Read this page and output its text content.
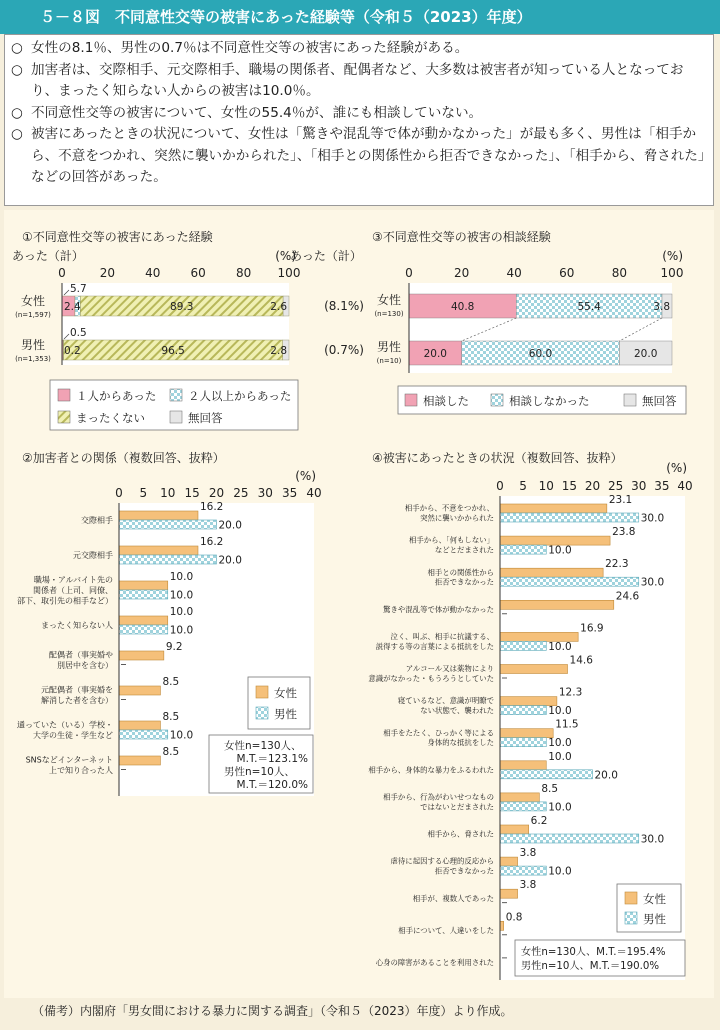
５－８図　不同意性交等の被害にあった経験等（令和５（2023）年度）
○ 女性の8.1％、男性の0.7％は不同意性交等の被害にあった経験がある。
○ 加害者は、交際相手、元交際相手、職場の関係者、配偶者など、大多数は被害者が知っている人となっており、まったく知らない人からの被害は10.0％。
○ 不同意性交等の被害について、女性の55.4％が、誰にも相談していない。
○ 被害にあったときの状況について、女性は「驚きや混乱等で体が動かなかった」が最も多く、男性は「相手から、不意をつかれ、突然に襲いかかられた」、「相手との関係性から拒否できなかった」、「相手から、脅された」などの回答があった。
①不同意性交等の被害にあった経験
あった（計）	(%)
あった（計）
0	20	40	60	80 100
女性
(n=1,597)
89.3	2.6
2.4
5.7
(8.1%)
男性
(n=1,353)
96.5	2.8
0.2
0.5
(0.7%)
１人からあった	２人以上からあった
まったくない	無回答
③不同意性交等の被害の相談経験
(%)
0	20	40	60	80	100
女性
(n=130)
40.8	55.4	3.8
男性
(n=10)
20.0	60.0	20.0
相談した	相談しなかった	無回答
②加害者との関係（複数回答、抜粋）
(%)
0 5 10 15 20 25 30 35 40
交際相手
16.2
20.0
元交際相手
16.2
20.0
職場・アルバイト先の
関係者（上司、同僚、
部下、取引先の相手など）
10.0
10.0
まったく知らない人
10.0
10.0
配偶者（事実婚や
別居中を含む）
9.2
元配偶者（事実婚を
解消した者を含む）
8.5
通っていた（いる）学校・
大学の生徒・学生など
8.5
10.0
SNSなどインターネット
上で知り合った人
8.5
女性
男性
女性n=130人、
M.T.＝123.1%
男性n=10人、
M.T.＝120.0%
④被害にあったときの状況（複数回答、抜粋）
(%)
0 5 10 15 20 25 30 35 40
相手から、不意をつかれ、
突然に襲いかかられた
23.1
30.0
相手から、「何もしない」
などとだまされた
23.8
10.0
相手との関係性から
拒否できなかった
22.3
30.0
驚きや混乱等で体が動かなかった
24.6
泣く、叫ぶ、相手に抗議する、
説得する等の言葉による抵抗をした
16.9
10.0
アルコール又は薬物により
意識がなかった・もうろうとしていた
14.6
寝ているなど、意識が明瞭で
ない状態で、襲われた
12.3
10.0
相手をたたく、ひっかく等による
身体的な抵抗をした
11.5
10.0
相手から、身体的な暴力をふるわれた
10.0
20.0
相手から、行為がわいせつなもの
ではないとだまされた
8.5
10.0
相手から、脅された
6.2
30.0
虐待に起因する心理的反応から
拒否できなかった
3.8
10.0
相手が、複数人であった
3.8
相手について、人違いをした
0.8
心身の障害があることを利用された
女性
男性
女性n=130人、M.T.＝195.4%
男性n=10人、M.T.＝190.0%
（備考）内閣府「男女間における暴力に関する調査」（令和５（2023）年度）より作成。
